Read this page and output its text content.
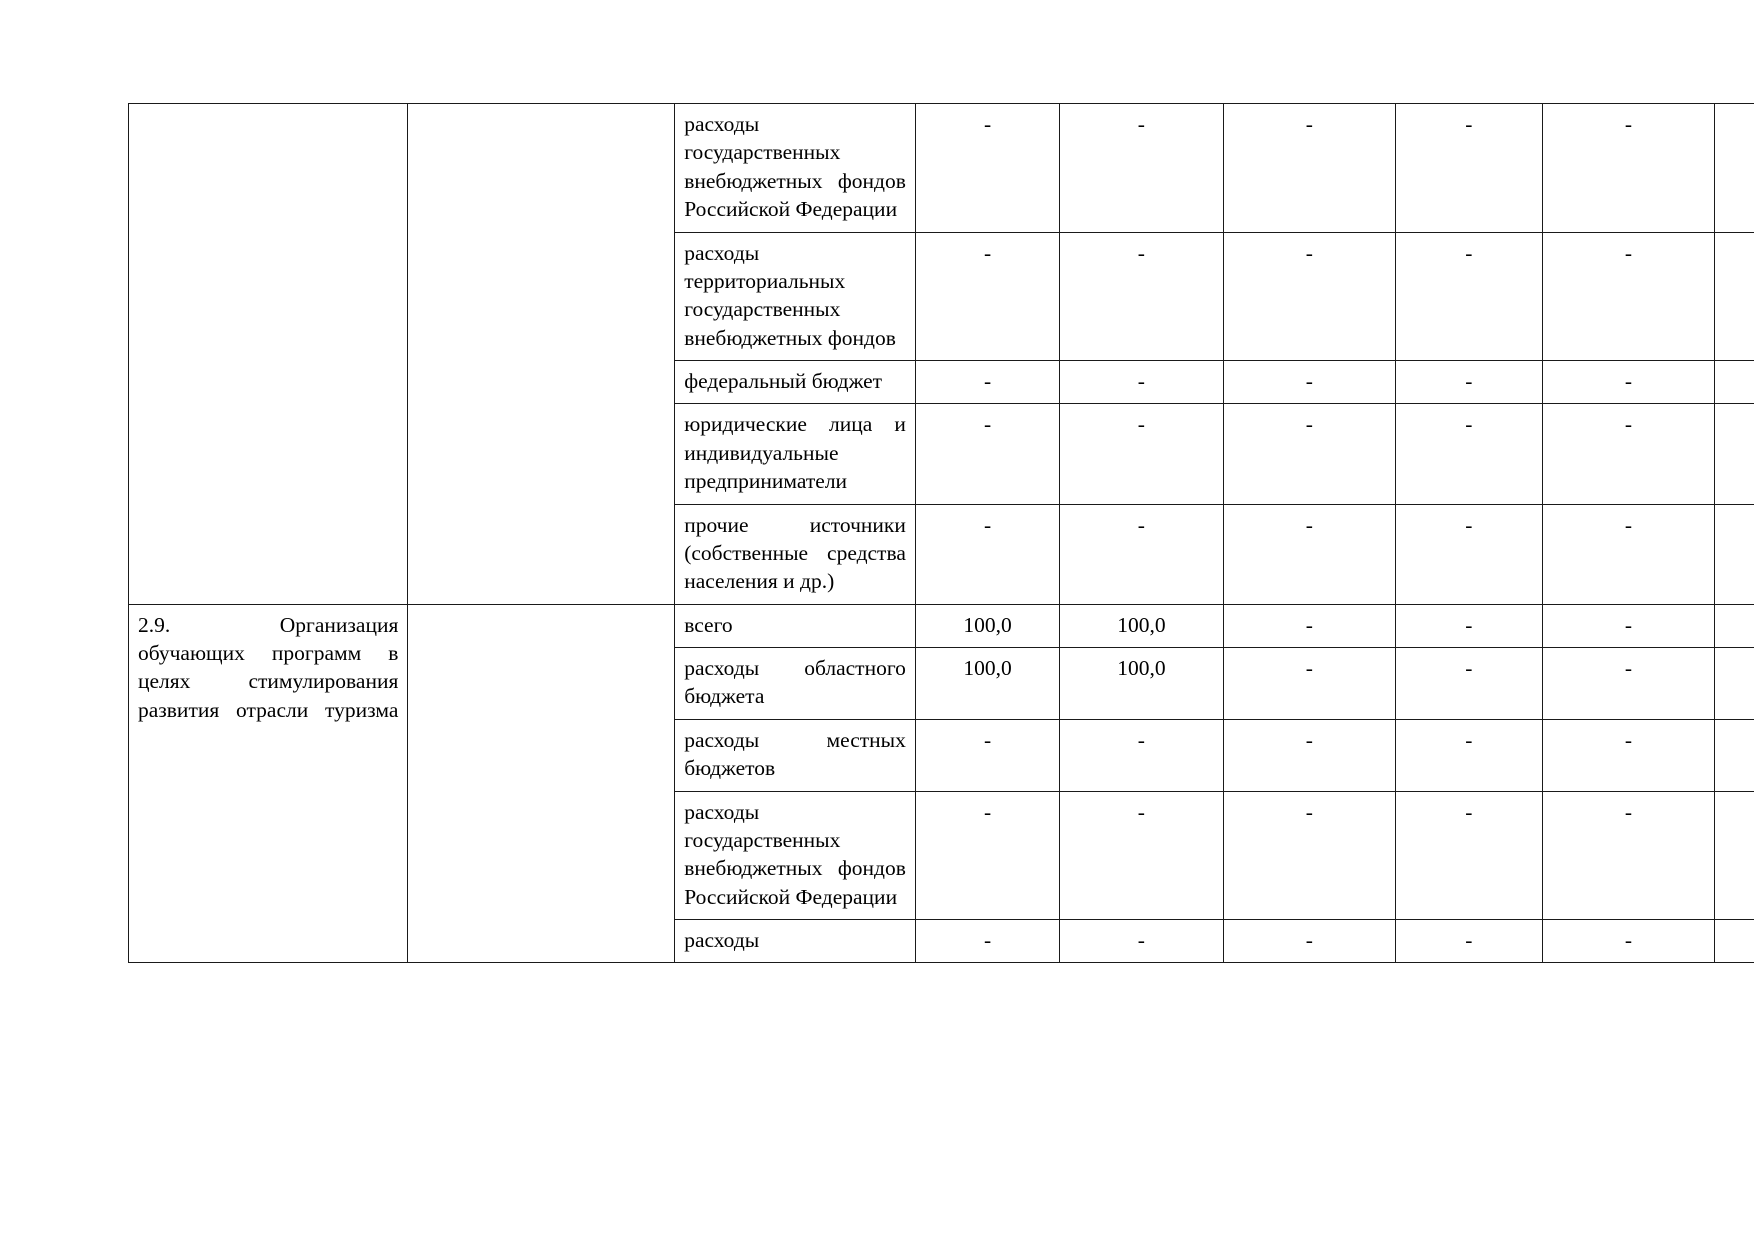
		расходы государственных внебюджетных фондов Российской Федерации	-	-	-	-	-	
		расходы территориальных государственных внебюджетных фондов	-	-	-	-	-	
		федеральный бюджет	-	-	-	-	-	
		юридические лица и индивидуальные предприниматели	-	-	-	-	-	
		прочие источники (собственные средства населения и др.)	-	-	-	-	-	
2.9. Организация обучающих программ в целях стимулирования развития отрасли туризма		всего	100,0	100,0	-	-	-	
		расходы областного бюджета	100,0	100,0	-	-	-	
		расходы местных бюджетов	-	-	-	-	-	
		расходы государственных внебюджетных фондов Российской Федерации	-	-	-	-	-	
		расходы	-	-	-	-	-	
